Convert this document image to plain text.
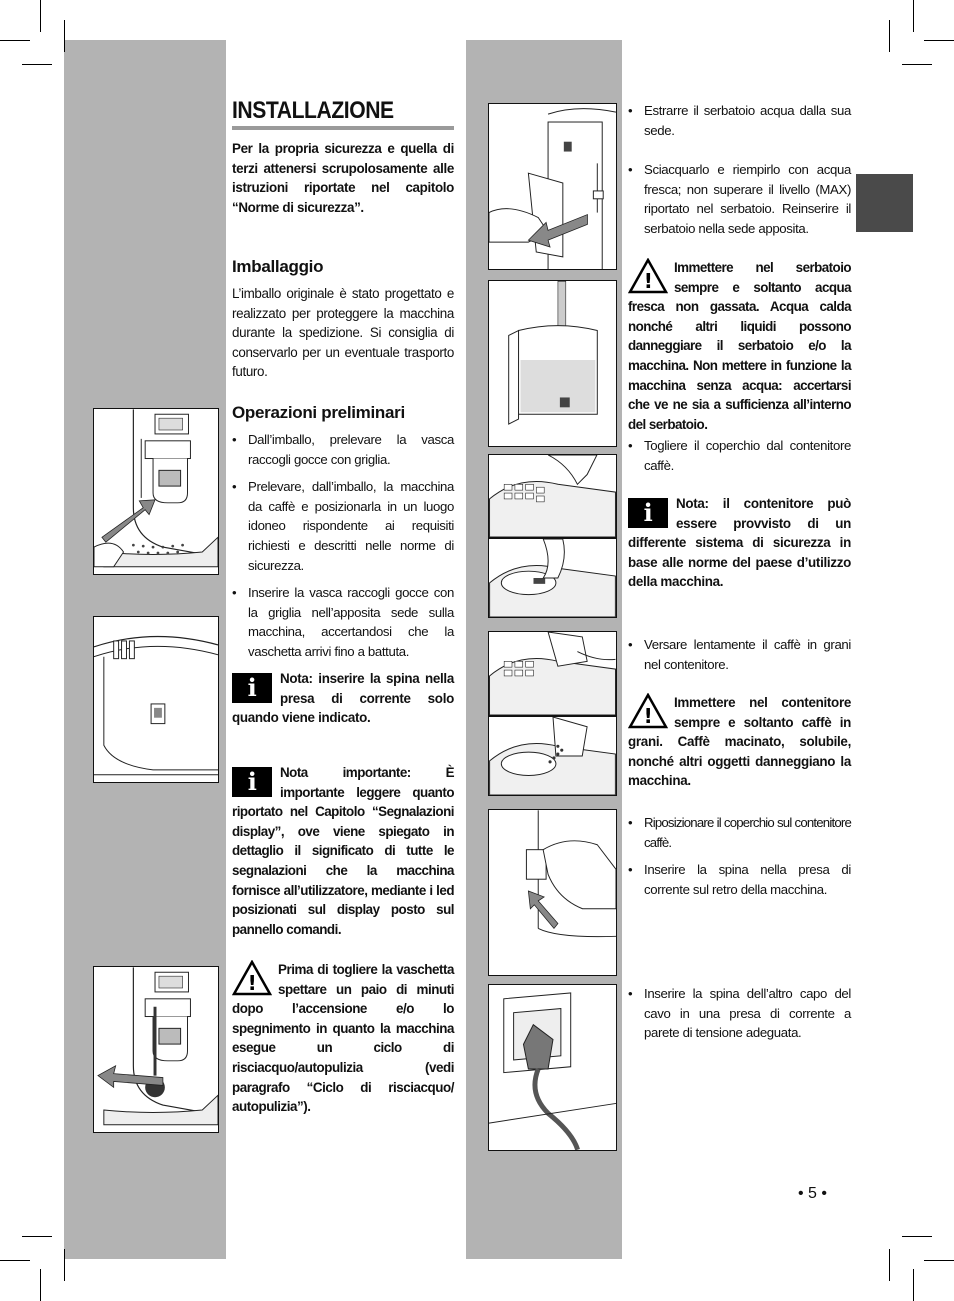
INSTALLAZIONE
Per la propria sicurezza e quella di terzi attenersi scrupolosamente alle istruzioni riportate nel capitolo “Norme di sicurezza”.
Imballaggio
L’imballo originale è stato progettato e realizzato per proteggere la macchina durante la spedizione. Si consiglia di conservarlo per un eventuale trasporto futuro.
Operazioni preliminari
• Dall’imballo, prelevare la vasca raccogli gocce con griglia.
• Prelevare, dall’imballo, la macchina da caffè e posizionarla in un luogo idoneo rispondente ai requisiti richiesti e descritti nelle norme di sicurezza.
• Inserire la vasca raccogli gocce con la griglia nell’apposita sede sulla macchina, accertandosi che la vaschetta arrivi fino a battuta.
i	Nota: inserire la spina nella presa di corrente solo quando viene indicato.
i	Nota importante: È importante leggere quanto riportato nel Capitolo “Segnalazioni display”, ove viene spiegato in dettaglio il significato di tutte le segnalazioni che la macchina fornisce all’utilizzatore, mediante i led posizionati sul display posto sul pannello comandi.
!
Prima di togliere la vaschetta spettare un paio di minuti dopo l’accensione e/o lo spegnimento in quanto la macchina esegue un ciclo di risciacquo/autopulizia (vedi paragrafo “Ciclo di risciacquo/ autopulizia”).
• Estrarre il serbatoio acqua dalla sua sede.
• Sciacquarlo e riempirlo con acqua fresca; non superare il livello (MAX) riportato nel serbatoio. Reinserire il serbatoio nella sede apposita.
!
Immettere nel serbatoio sempre e soltanto acqua fresca non gassata. Acqua calda nonché altri liquidi possono danneggiare il serbatoio e/o la macchina. Non mettere in funzione la macchina senza acqua: accertarsi che ve ne sia a sufficienza all’interno del serbatoio.
• Togliere il coperchio dal contenitore caffè.
i	Nota: il contenitore può essere provvisto di un differente sistema di sicurezza in base alle norme del paese d’utilizzo della macchina.
• Versare lentamente il caffè in grani nel contenitore.
!
Immettere nel contenitore sempre e soltanto caffè in grani. Caffè macinato, solubile, nonché altri oggetti danneggiano la macchina.
• Riposizionare il coperchio sul contenitore caffè.
• Inserire la spina nella presa di corrente sul retro della macchina.
• Inserire la spina dell’altro capo del cavo in una presa di corrente a parete di tensione adeguata.
• 5 •
